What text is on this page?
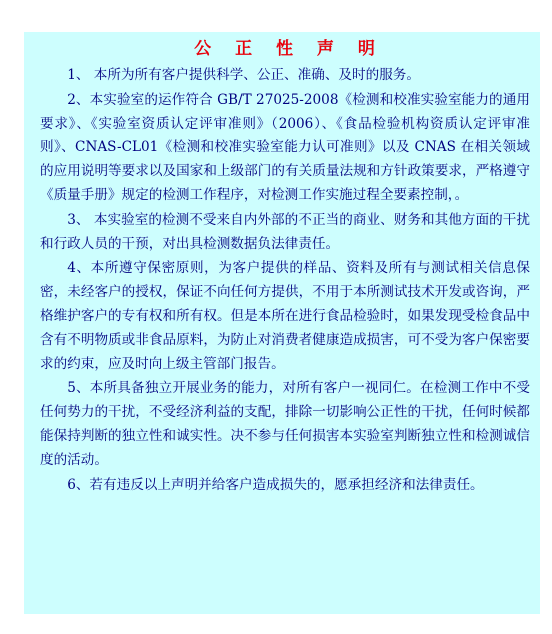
公 正 性 声 明

1、 本所为所有客户提供科学、公正、准确、及时的服务。

2、本实验室的运作符合 GB/T 27025-2008《检测和校准实验室能力的通用要求》、《实验室资质认定评审准则》（2006）、《食品检验机构资质认定评审准则》、CNAS-CL01《检测和校准实验室能力认可准则》以及 CNAS 在相关领域的应用说明等要求以及国家和上级部门的有关质量法规和方针政策要求，严格遵守《质量手册》规定的检测工作程序，对检测工作实施过程全要素控制，。

3、 本实验室的检测不受来自内外部的不正当的商业、财务和其他方面的干扰和行政人员的干预，对出具检测数据负法律责任。

4、本所遵守保密原则，为客户提供的样品、资料及所有与测试相关信息保密，未经客户的授权，保证不向任何方提供，不用于本所测试技术开发或咨询，严格维护客户的专有权和所有权。但是本所在进行食品检验时，如果发现受检食品中含有不明物质或非食品原料，为防止对消费者健康造成损害，可不受为客户保密要求的约束，应及时向上级主管部门报告。

5、本所具备独立开展业务的能力，对所有客户一视同仁。在检测工作中不受任何势力的干扰，不受经济利益的支配，排除一切影响公正性的干扰，任何时候都能保持判断的独立性和诚实性。决不参与任何损害本实验室判断独立性和检测诚信度的活动。

6、若有违反以上声明并给客户造成损失的，愿承担经济和法律责任。
